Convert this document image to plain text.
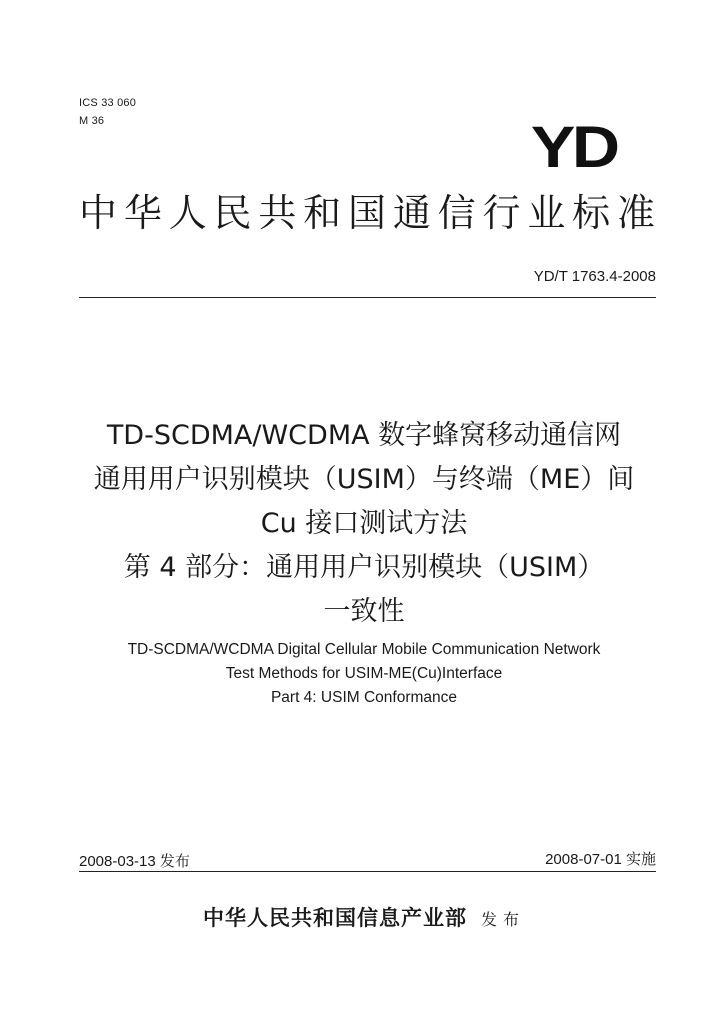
ICS 33 060
M 36	YD
中华人民共和国通信行业标准
YD/T 1763.4-2008
TD-SCDMA/WCDMA 数字蜂窝移动通信网
通用用户识别模块（USIM）与终端（ME）间
Cu 接口测试方法
第 4 部分：通用用户识别模块（USIM）
一致性
TD-SCDMA/WCDMA Digital Cellular Mobile Communication Network
Test Methods for USIM-ME(Cu)Interface
Part 4: USIM Conformance
2008-03-13 发布	2008-07-01 实施
中华人民共和国信息产业部 发布
